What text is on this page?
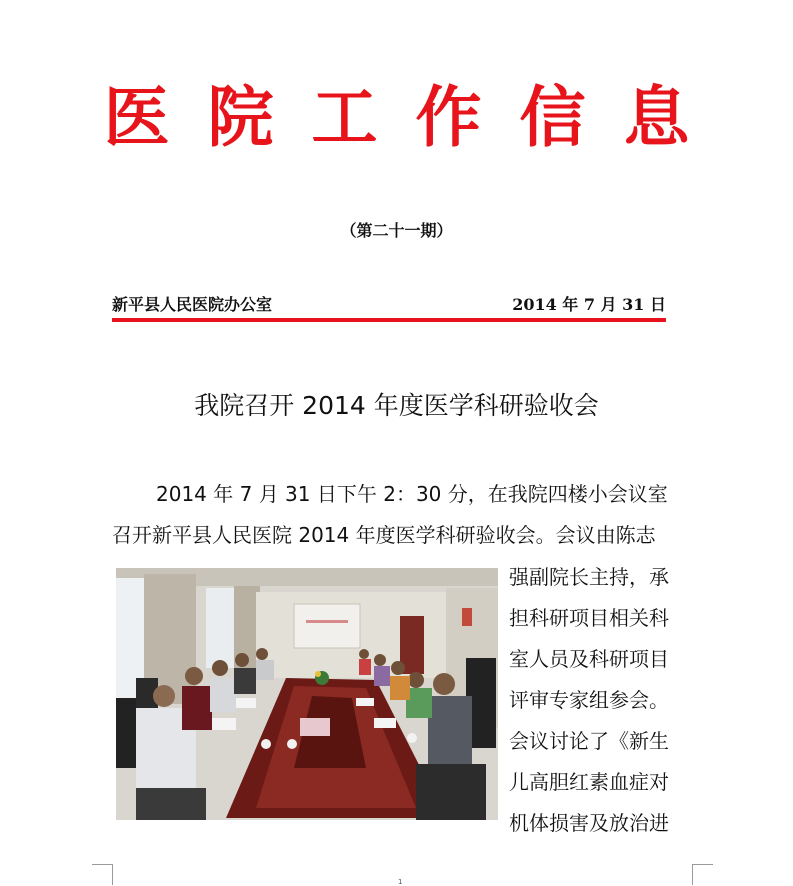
医院工作信息
（第二十一期）
新平县人民医院办公室	2014 年 7 月 31 日
我院召开 2014 年度医学科研验收会
2014 年 7 月 31 日下午 2：30 分，在我院四楼小会议室
召开新平县人民医院 2014 年度医学科研验收会。会议由陈志
强副院长主持，承
担科研项目相关科
室人员及科研项目
评审专家组参会。
会议讨论了《新生
儿高胆红素血症对
机体损害及放治进
1
